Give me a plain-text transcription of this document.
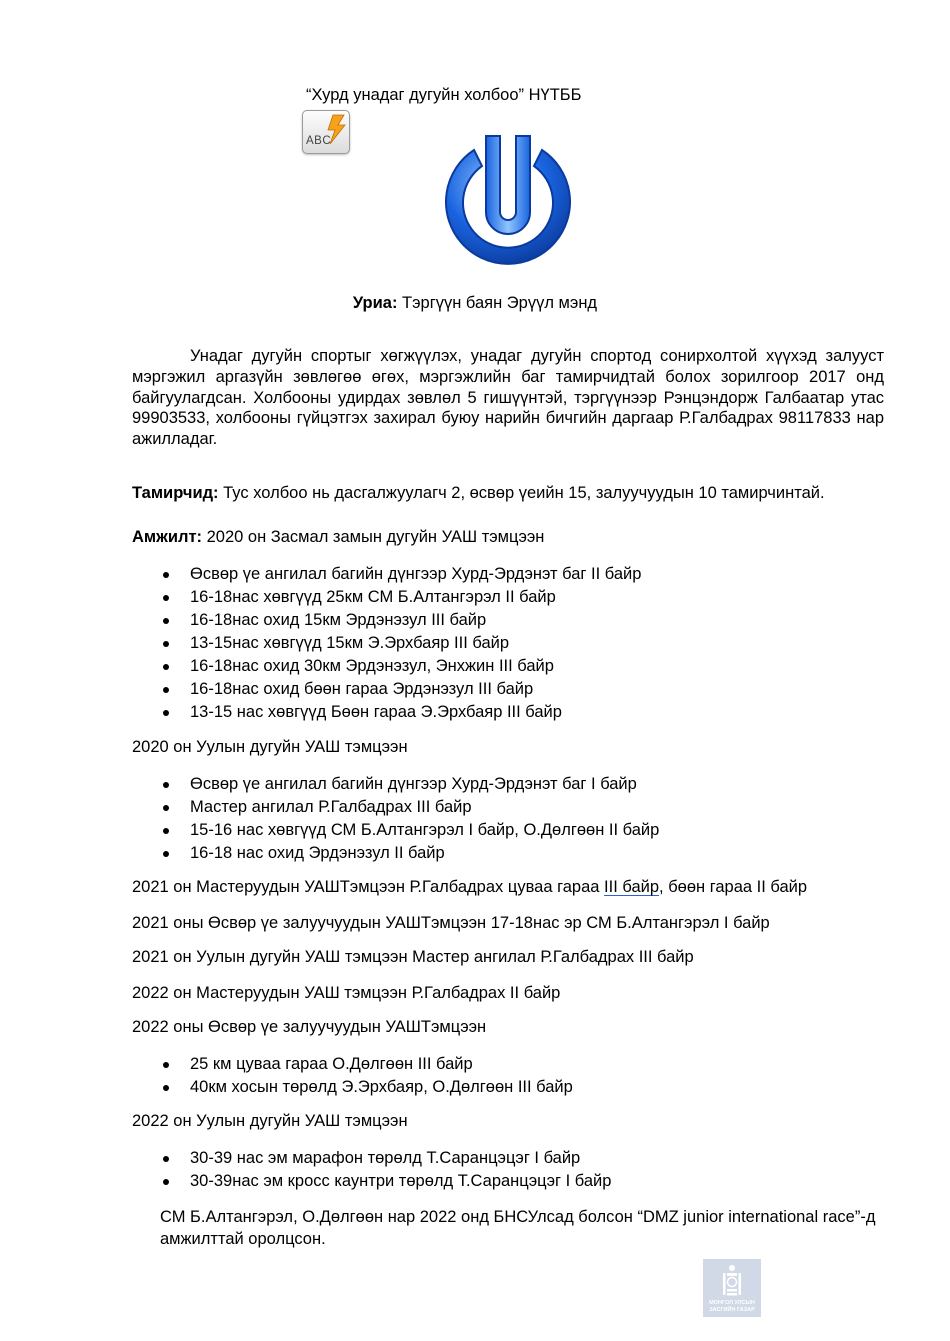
“Хурд унадаг дугуйн холбоо” НҮТББ
ABC
Уриа: Тэргүүн баян Эрүүл мэнд
Унадаг дугуйн спортыг хөгжүүлэх, унадаг дугуйн спортод сонирхолтой хүүхэд залууст мэргэжил аргазүйн зөвлөгөө өгөх, мэргэжлийн баг тамирчидтай болох зорилгоор 2017 онд байгуулагдсан. Холбооны удирдах зөвлөл 5 гишүүнтэй, тэргүүнээр Рэнцэндорж Галбаатар утас 99903533, холбооны гүйцэтгэх захирал буюу нарийн бичгийн даргаар Р.Галбадрах 98117833 нар ажилладаг.
Тамирчид: Тус холбоо нь дасгалжуулагч 2, өсвөр үеийн 15, залуучуудын 10 тамирчинтай.
Амжилт: 2020 он Засмал замын дугуйн УАШ тэмцээн
Өсвөр үе ангилал багийн дүнгээр Хурд-Эрдэнэт баг II байр
16-18нас хөвгүүд 25км СМ Б.Алтангэрэл II байр
16-18нас охид 15км Эрдэнэзул III байр
13-15нас хөвгүүд 15км Э.Эрхбаяр III байр
16-18нас охид 30км Эрдэнэзул, Энхжин III байр
16-18нас охид бөөн гараа Эрдэнэзул III байр
13-15 нас хөвгүүд Бөөн гараа Э.Эрхбаяр III байр
2020 он Уулын дугуйн УАШ тэмцээн
Өсвөр үе ангилал багийн дүнгээр Хурд-Эрдэнэт баг I байр
Мастер ангилал Р.Галбадрах III байр
15-16 нас хөвгүүд СМ Б.Алтангэрэл I байр, О.Дөлгөөн II байр
16-18 нас охид Эрдэнэзул II байр
2021 он Мастеруудын УАШТэмцээн Р.Галбадрах цуваа гараа III байр, бөөн гараа II байр
2021 оны Өсвөр үе залуучуудын УАШТэмцээн 17-18нас эр СМ Б.Алтангэрэл I байр
2021 он Уулын дугуйн УАШ тэмцээн Мастер ангилал Р.Галбадрах III байр
2022 он Мастеруудын УАШ тэмцээн Р.Галбадрах II байр
2022 оны Өсвөр үе залуучуудын УАШТэмцээн
25 км цуваа гараа О.Дөлгөөн III байр
40км хосын төрөлд Э.Эрхбаяр, О.Дөлгөөн III байр
2022 он Уулын дугуйн УАШ тэмцээн
30-39 нас эм марафон төрөлд Т.Саранцэцэг I байр
30-39нас эм кросс каунтри төрөлд Т.Саранцэцэг I байр
СМ Б.Алтангэрэл, О.Дөлгөөн нар 2022 онд БНСУлсад болсон “DMZ junior international race”-д амжилттай оролцсон.
МОНГОЛ УЛСЫН ЗАСГИЙН ГАЗАР
